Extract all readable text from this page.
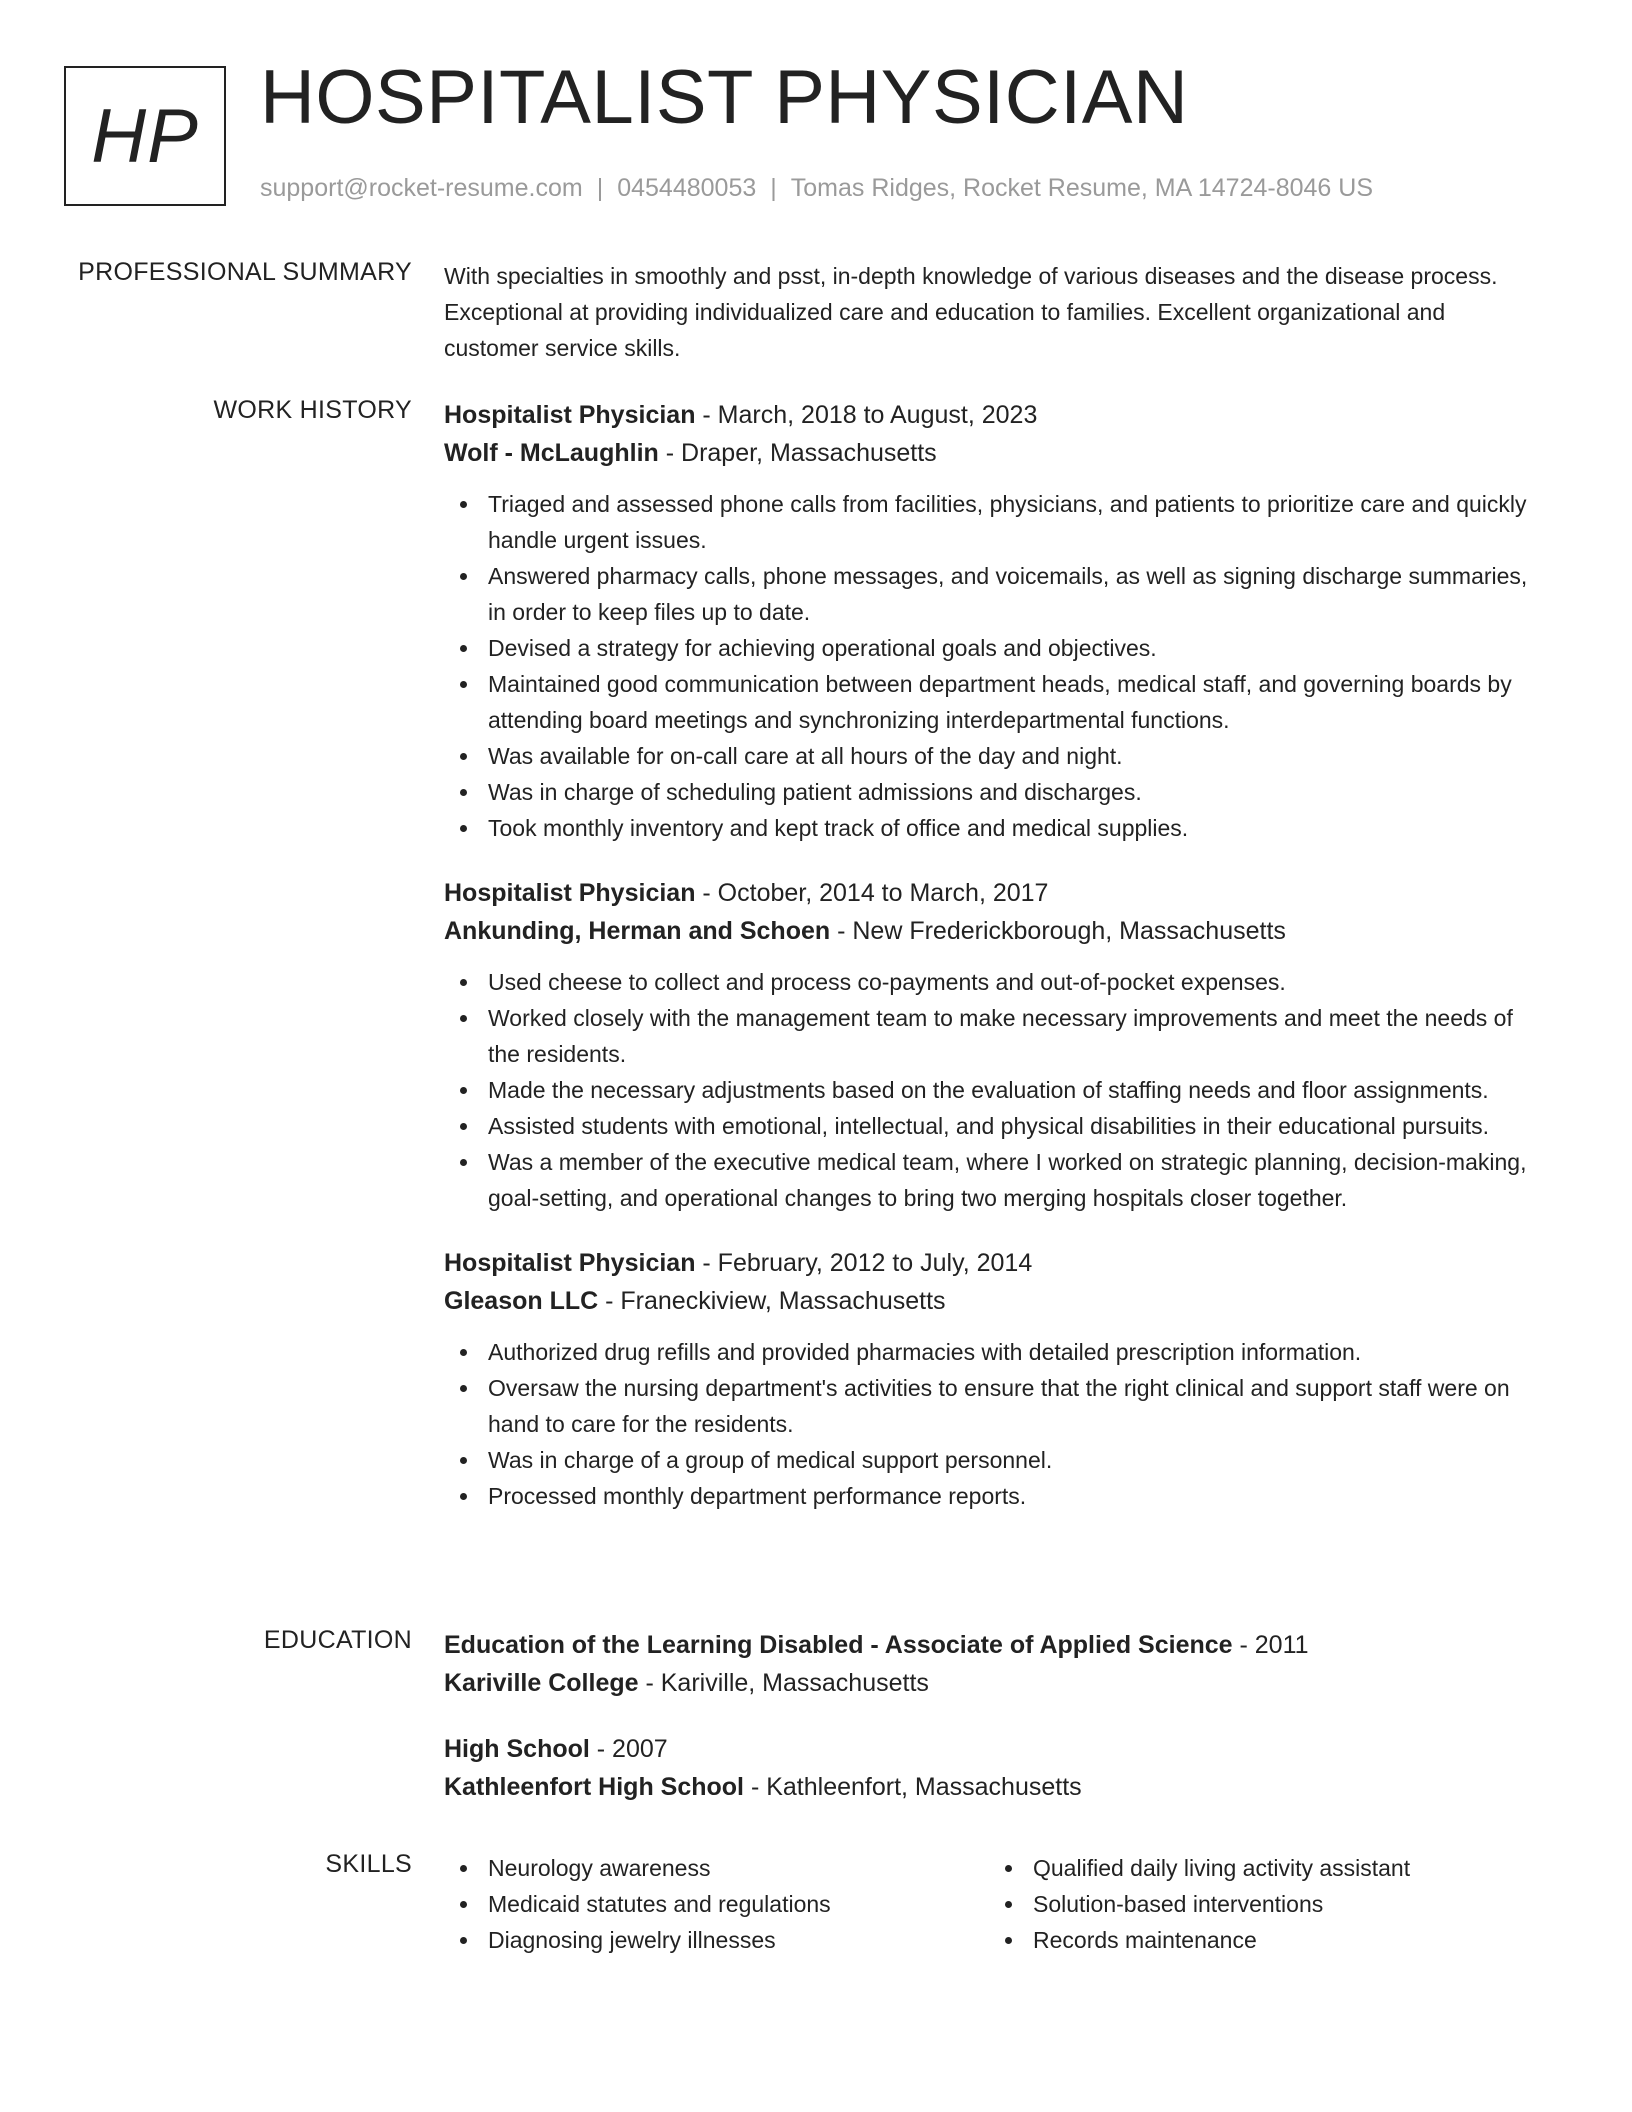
HP HOSPITALIST PHYSICIAN
support@rocket-resume.com | 0454480053 | Tomas Ridges, Rocket Resume, MA 14724-8046 US
PROFESSIONAL SUMMARY With specialties in smoothly and psst, in-depth knowledge of various diseases and the disease process. Exceptional at providing individualized care and education to families. Excellent organizational and customer service skills.

WORK HISTORY Hospitalist Physician - March, 2018 to August, 2023
Wolf - McLaughlin - Draper, Massachusetts
Triaged and assessed phone calls from facilities, physicians, and patients to prioritize care and quickly handle urgent issues.
Answered pharmacy calls, phone messages, and voicemails, as well as signing discharge summaries, in order to keep files up to date.
Devised a strategy for achieving operational goals and objectives.
Maintained good communication between department heads, medical staff, and governing boards by attending board meetings and synchronizing interdepartmental functions.
Was available for on-call care at all hours of the day and night.
Was in charge of scheduling patient admissions and discharges.
Took monthly inventory and kept track of office and medical supplies.
Hospitalist Physician - October, 2014 to March, 2017
Ankunding, Herman and Schoen - New Frederickborough, Massachusetts
Used cheese to collect and process co-payments and out-of-pocket expenses.
Worked closely with the management team to make necessary improvements and meet the needs of the residents.
Made the necessary adjustments based on the evaluation of staffing needs and floor assignments.
Assisted students with emotional, intellectual, and physical disabilities in their educational pursuits.
Was a member of the executive medical team, where I worked on strategic planning, decision-making, goal-setting, and operational changes to bring two merging hospitals closer together.
Hospitalist Physician - February, 2012 to July, 2014
Gleason LLC - Franeckiview, Massachusetts
Authorized drug refills and provided pharmacies with detailed prescription information.
Oversaw the nursing department's activities to ensure that the right clinical and support staff were on hand to care for the residents.
Was in charge of a group of medical support personnel.
Processed monthly department performance reports.
EDUCATION Education of the Learning Disabled - Associate of Applied Science - 2011
Kariville College - Kariville, Massachusetts
High School - 2007
Kathleenfort High School - Kathleenfort, Massachusetts
SKILLS	Neurology awareness
Medicaid statutes and regulations
Diagnosing jewelry illnesses
Qualified daily living activity assistant
Solution-based interventions
Records maintenance
